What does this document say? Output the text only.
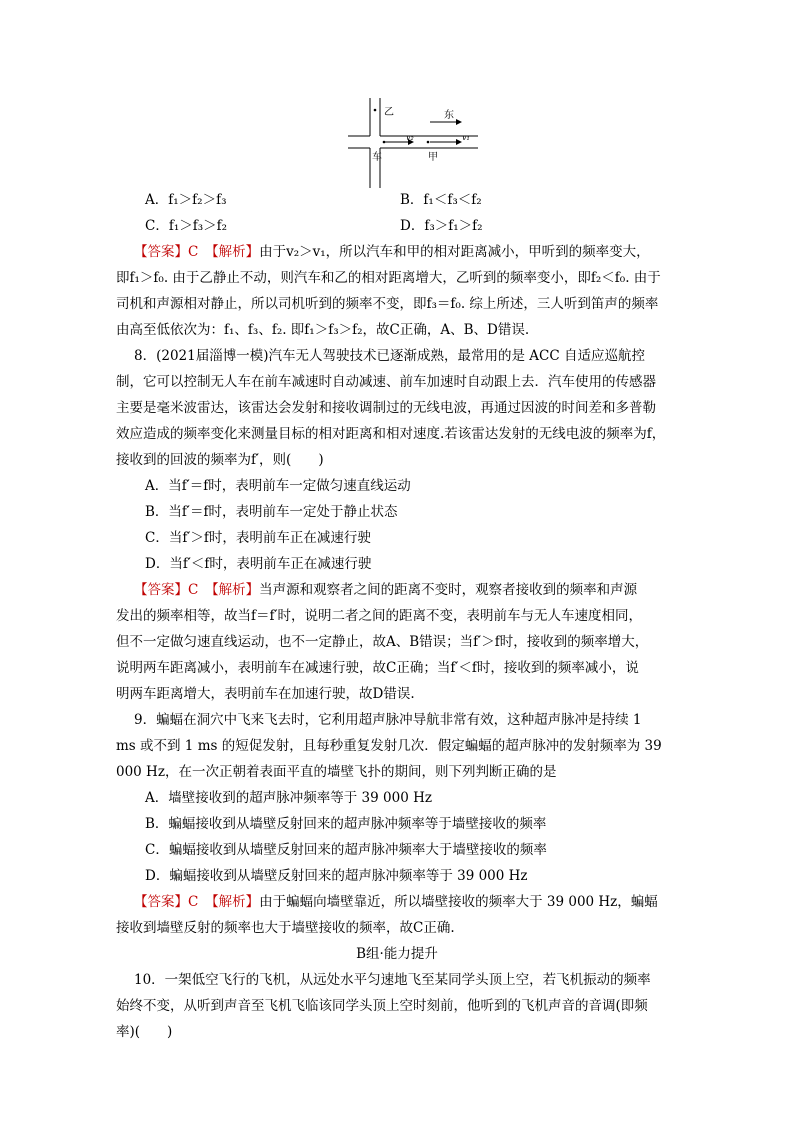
乙	东
v₂	v₁
车	甲
A．f₁＞f₂＞f₃	B．f₁＜f₃＜f₂
C．f₁＞f₃＞f₂	D．f₃＞f₁＞f₂
【答案】C　【解析】由于v₂＞v₁，所以汽车和甲的相对距离减小，甲听到的频率变大，
即f₁＞f₀. 由于乙静止不动，则汽车和乙的相对距离增大，乙听到的频率变小，即f₂＜f₀. 由于
司机和声源相对静止，所以司机听到的频率不变，即f₃＝f₀. 综上所述，三人听到笛声的频率
由高至低依次为：f₁、f₃、f₂. 即f₁＞f₃＞f₂，故C正确，A、B、D错误.
8．(2021届淄博一模)汽车无人驾驶技术已逐渐成熟，最常用的是 ACC 自适应巡航控
制，它可以控制无人车在前车减速时自动减速、前车加速时自动跟上去．汽车使用的传感器
主要是毫米波雷达，该雷达会发射和接收调制过的无线电波，再通过因波的时间差和多普勒
效应造成的频率变化来测量目标的相对距离和相对速度.若该雷达发射的无线电波的频率为f，
接收到的回波的频率为f′，则(　　)
A．当f′＝f时，表明前车一定做匀速直线运动
B．当f′＝f时，表明前车一定处于静止状态
C．当f′＞f时，表明前车正在减速行驶
D．当f′＜f时，表明前车正在减速行驶
【答案】C　【解析】当声源和观察者之间的距离不变时，观察者接收到的频率和声源
发出的频率相等，故当f＝f′时，说明二者之间的距离不变，表明前车与无人车速度相同，
但不一定做匀速直线运动，也不一定静止，故A、B错误；当f′＞f时，接收到的频率增大，
说明两车距离减小，表明前车在减速行驶，故C正确；当f′＜f时，接收到的频率减小，说
明两车距离增大，表明前车在加速行驶，故D错误.
9．蝙蝠在洞穴中飞来飞去时，它利用超声脉冲导航非常有效，这种超声脉冲是持续 1
ms 或不到 1 ms 的短促发射，且每秒重复发射几次．假定蝙蝠的超声脉冲的发射频率为 39
000 Hz，在一次正朝着表面平直的墙壁飞扑的期间，则下列判断正确的是
A．墙壁接收到的超声脉冲频率等于 39 000 Hz
B．蝙蝠接收到从墙壁反射回来的超声脉冲频率等于墙壁接收的频率
C．蝙蝠接收到从墙壁反射回来的超声脉冲频率大于墙壁接收的频率
D．蝙蝠接收到从墙壁反射回来的超声脉冲频率等于 39 000 Hz
【答案】C　【解析】由于蝙蝠向墙壁靠近，所以墙壁接收的频率大于 39 000 Hz，蝙蝠
接收到墙壁反射的频率也大于墙壁接收的频率，故C正确.
B组·能力提升
10．一架低空飞行的飞机，从远处水平匀速地飞至某同学头顶上空，若飞机振动的频率
始终不变，从听到声音至飞机飞临该同学头顶上空时刻前，他听到的飞机声音的音调(即频
率)(　　)
